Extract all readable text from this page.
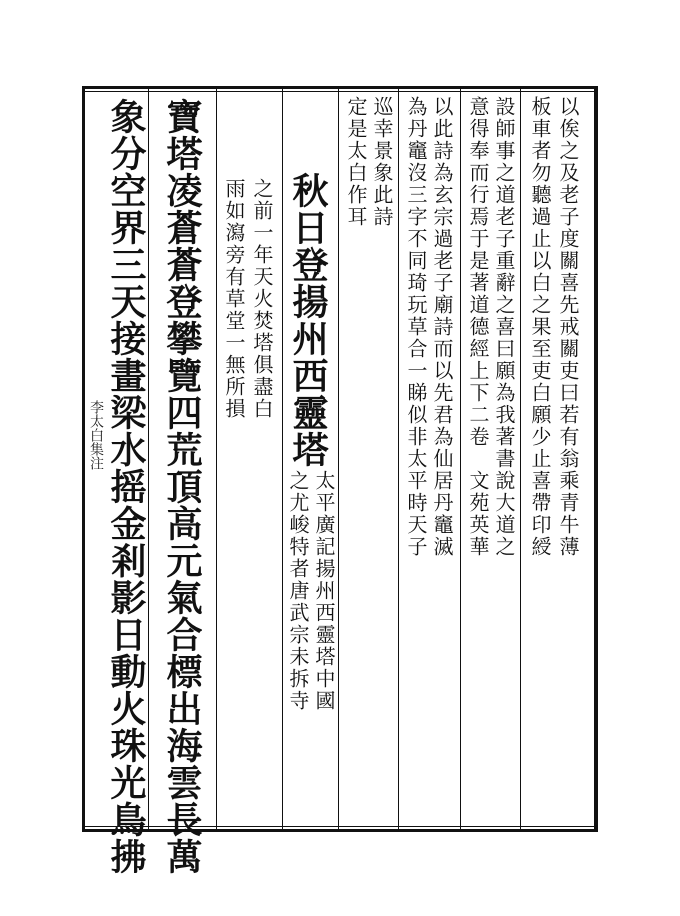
李太白集注	以俟之及老子度關喜先戒關吏曰若有翁乘青牛薄
板車者勿聽過止以白之果至吏白願少止喜帶印綬
設師事之道老子重辭之喜曰願為我著書說大道之
意得奉而行焉于是著道德經上下二卷　文苑英華
以此詩為玄宗過老子廟詩而以先君為仙居丹竈滅
為丹竈沒三字不同琦玩草合一睇似非太平時天子
巡幸景象此詩
定是太白作耳
秋日登揚州西靈塔
太平廣記揚州西靈塔中國
之尤峻特者唐武宗未拆寺
之前一年天火焚塔俱盡白
雨如瀉旁有草堂一無所損
寶塔凌蒼蒼登攀覽四荒頂高元氣合標出海雲長萬
象分空界三天接畫梁水摇金剎影日動火珠光鳥拂
